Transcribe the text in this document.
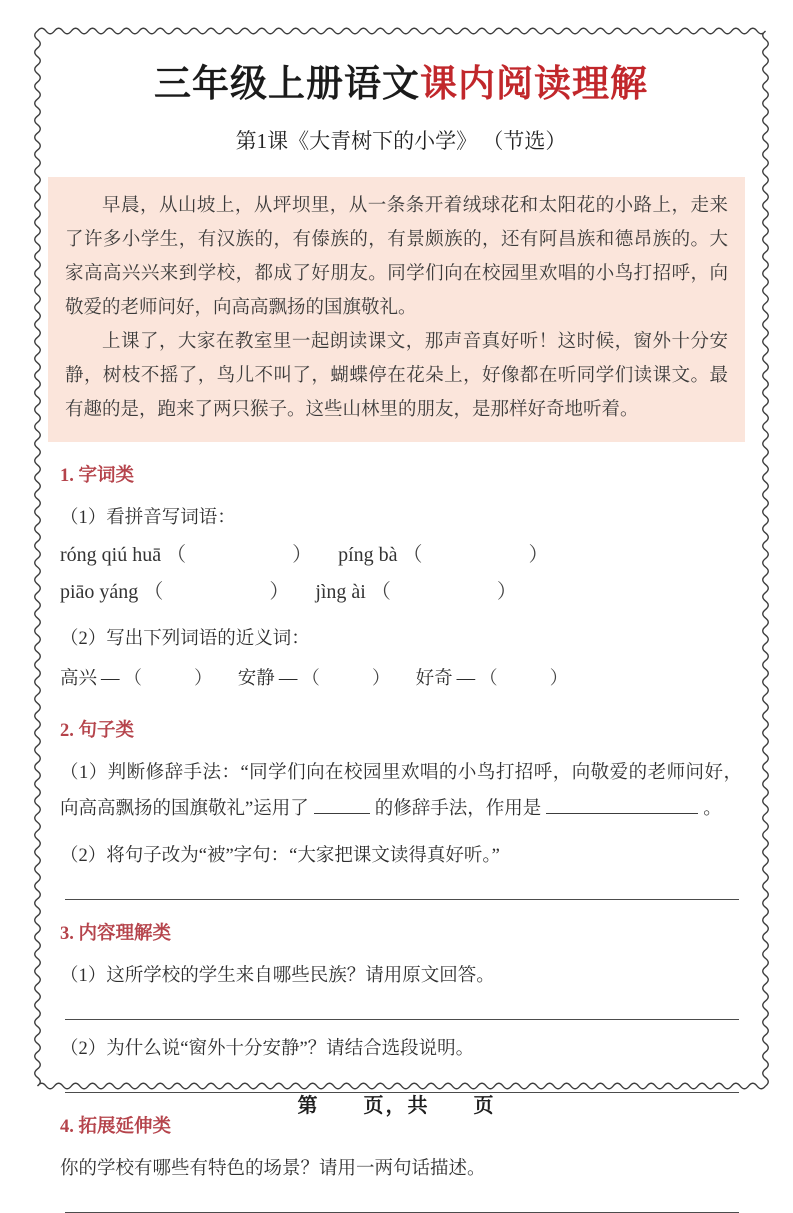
三年级上册语文课内阅读理解
第1课《大青树下的小学》 （节选）

早晨，从山坡上，从坪坝里，从一条条开着绒球花和太阳花的小路上，走来了许多小学生，有汉族的，有傣族的，有景颇族的，还有阿昌族和德昂族的。大家高高兴兴来到学校，都成了好朋友。同学们向在校园里欢唱的小鸟打招呼，向敬爱的老师问好，向高高飘扬的国旗敬礼。

上课了，大家在教室里一起朗读课文，那声音真好听！这时候，窗外十分安静，树枝不摇了，鸟儿不叫了，蝴蝶停在花朵上，好像都在听同学们读课文。最有趣的是，跑来了两只猴子。这些山林里的朋友，是那样好奇地听着。

1. 字词类

（1）看拼音写词语：

róng qiú huā （	） píng bà （	）
piāo yáng （	） jìng ài （	）

（2）写出下列词语的近义词：

高兴 — （	） 安静 — （	） 好奇 — （	）
2. 句子类

（1）判断修辞手法：“同学们向在校园里欢唱的小鸟打招呼，向敬爱的老师问好，向高高飘扬的国旗敬礼”运用了	的修辞手法，作用是	。

（2）将句子改为“被”字句：“大家把课文读得真好听。”

3. 内容理解类

（1）这所学校的学生来自哪些民族？请用原文回答。

（2）为什么说“窗外十分安静”？请结合选段说明。

4. 拓展延伸类

你的学校有哪些有特色的场景？请用一两句话描述。

第　　页，共　　页
